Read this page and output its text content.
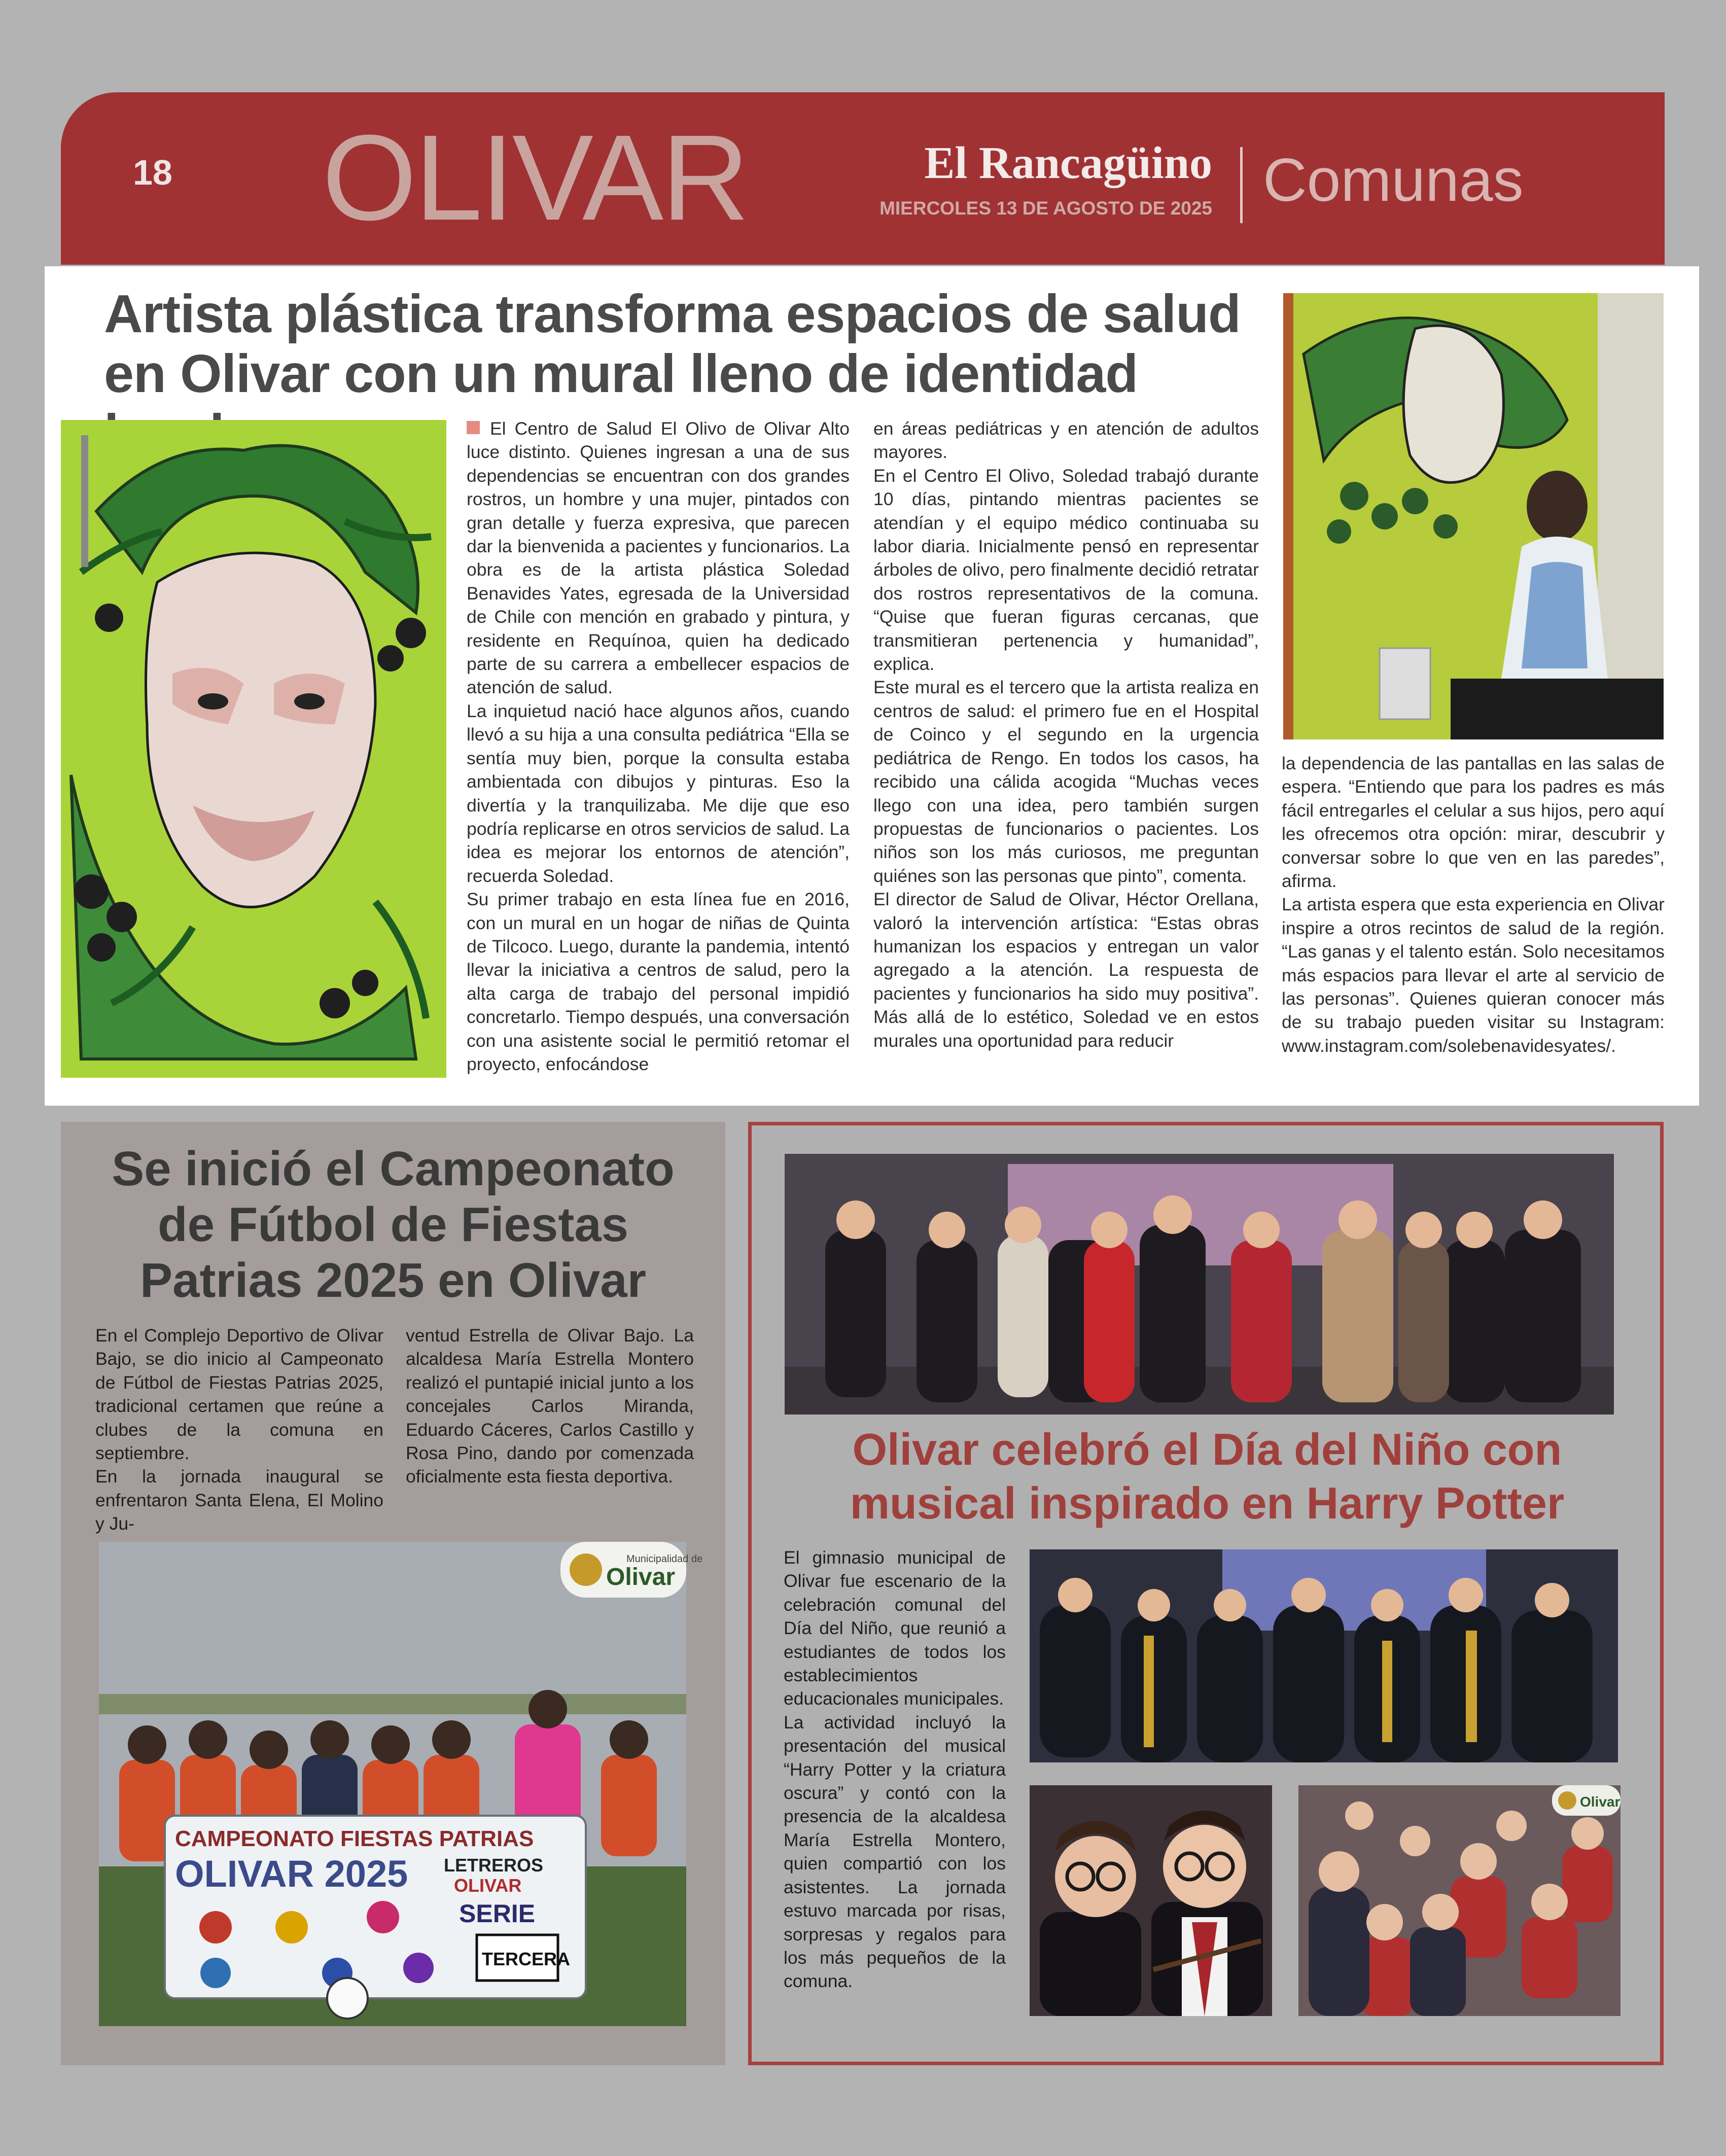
18 OLIVAR	El Rancagüino
MIERCOLES 13 DE AGOSTO DE 2025 Comunas
Artista plástica transforma espacios de salud
en Olivar con un mural lleno de identidad

El Centro de Salud El Olivo de Olivar Alto luce distinto. Quienes ingresan a una de sus dependencias se encuentran con dos grandes rostros, un hombre y una mujer, pintados con gran detalle y fuerza expresiva, que parecen dar la bienvenida a pacientes y funcionarios. La obra es de la artista plástica Soledad Benavides Yates, egresada de la Universidad de Chile con mención en grabado y pintura, y residente en Requínoa, quien ha dedicado parte de su carrera a embellecer espacios de atención de salud.

La inquietud nació hace algunos años, cuando llevó a su hija a una consulta pediátrica “Ella se sentía muy bien, porque la consulta estaba ambientada con dibujos y pinturas. Eso la divertía y la tranquilizaba. Me dije que eso podría replicarse en otros servicios de salud. La idea es mejorar los entornos de atención”, recuerda Soledad.

Su primer trabajo en esta línea fue en 2016, con un mural en un hogar de niñas de Quinta de Tilcoco. Luego, durante la pandemia, intentó llevar la iniciativa a centros de salud, pero la alta carga de trabajo del personal impidió concretarlo. Tiempo después, una conversación con una asistente social le permitió retomar el proyecto, enfocándose

en áreas pediátricas y en atención de adultos mayores.

En el Centro El Olivo, Soledad trabajó durante 10 días, pintando mientras pacientes se atendían y el equipo médico continuaba su labor diaria. Inicialmente pensó en representar árboles de olivo, pero finalmente decidió retratar dos rostros representativos de la comuna. “Quise que fueran figuras cercanas, que transmitieran pertenencia y humanidad”, explica.

Este mural es el tercero que la artista realiza en centros de salud: el primero fue en el Hospital de Coinco y el segundo en la urgencia pediátrica de Rengo. En todos los casos, ha recibido una cálida acogida “Muchas veces llego con una idea, pero también surgen propuestas de funcionarios o pacientes. Los niños son los más curiosos, me preguntan quiénes son las personas que pinto”, comenta.

El director de Salud de Olivar, Héctor Orellana, valoró la intervención artística: “Estas obras humanizan los espacios y entregan un valor agregado a la atención. La respuesta de pacientes y funcionarios ha sido muy positiva”. Más allá de lo estético, Soledad ve en estos murales una oportunidad para reducir

la dependencia de las pantallas en las salas de espera. “Entiendo que para los padres es más fácil entregarles el celular a sus hijos, pero aquí les ofrecemos otra opción: mirar, descubrir y conversar sobre lo que ven en las paredes”, afirma.

La artista espera que esta experiencia en Olivar inspire a otros recintos de salud de la región. “Las ganas y el talento están. Solo necesitamos más espacios para llevar el arte al servicio de las personas”. Quienes quieran conocer más de su trabajo pueden visitar su Instagram: www.instagram.com/solebenavidesyates/.

Se inició el Campeonato
de Fútbol de Fiestas
Patrias 2025 en Olivar

En el Complejo Deportivo de Olivar Bajo, se dio inicio al Campeonato de Fútbol de Fiestas Patrias 2025, tradicional certamen que reúne a clubes de la comuna en septiembre.

En la jornada inaugural se enfrentaron Santa Elena, El Molino y Ju-

ventud Estrella de Olivar Bajo. La alcaldesa María Estrella Montero realizó el puntapié inicial junto a los concejales Carlos Miranda, Eduardo Cáceres, Carlos Castillo y Rosa Pino, dando por comenzada oficialmente esta fiesta deportiva.

CAMPEONATO FIESTAS PATRIAS
OLIVAR 2025 LETREROS
OLIVAR
SERIE
TERCERA
Municipalidad de
Olivar
Olivar celebró el Día del Niño con
musical inspirado en Harry Potter

El gimnasio municipal de Olivar fue escenario de la celebración comunal del Día del Niño, que reunió a estudiantes de todos los establecimientos educacionales municipales.

La actividad incluyó la presentación del musical “Harry Potter y la criatura oscura” y contó con la presencia de la alcaldesa María Estrella Montero, quien compartió con los asistentes. La jornada estuvo marcada por risas, sorpresas y regalos para los más pequeños de la comuna.

Olivar
